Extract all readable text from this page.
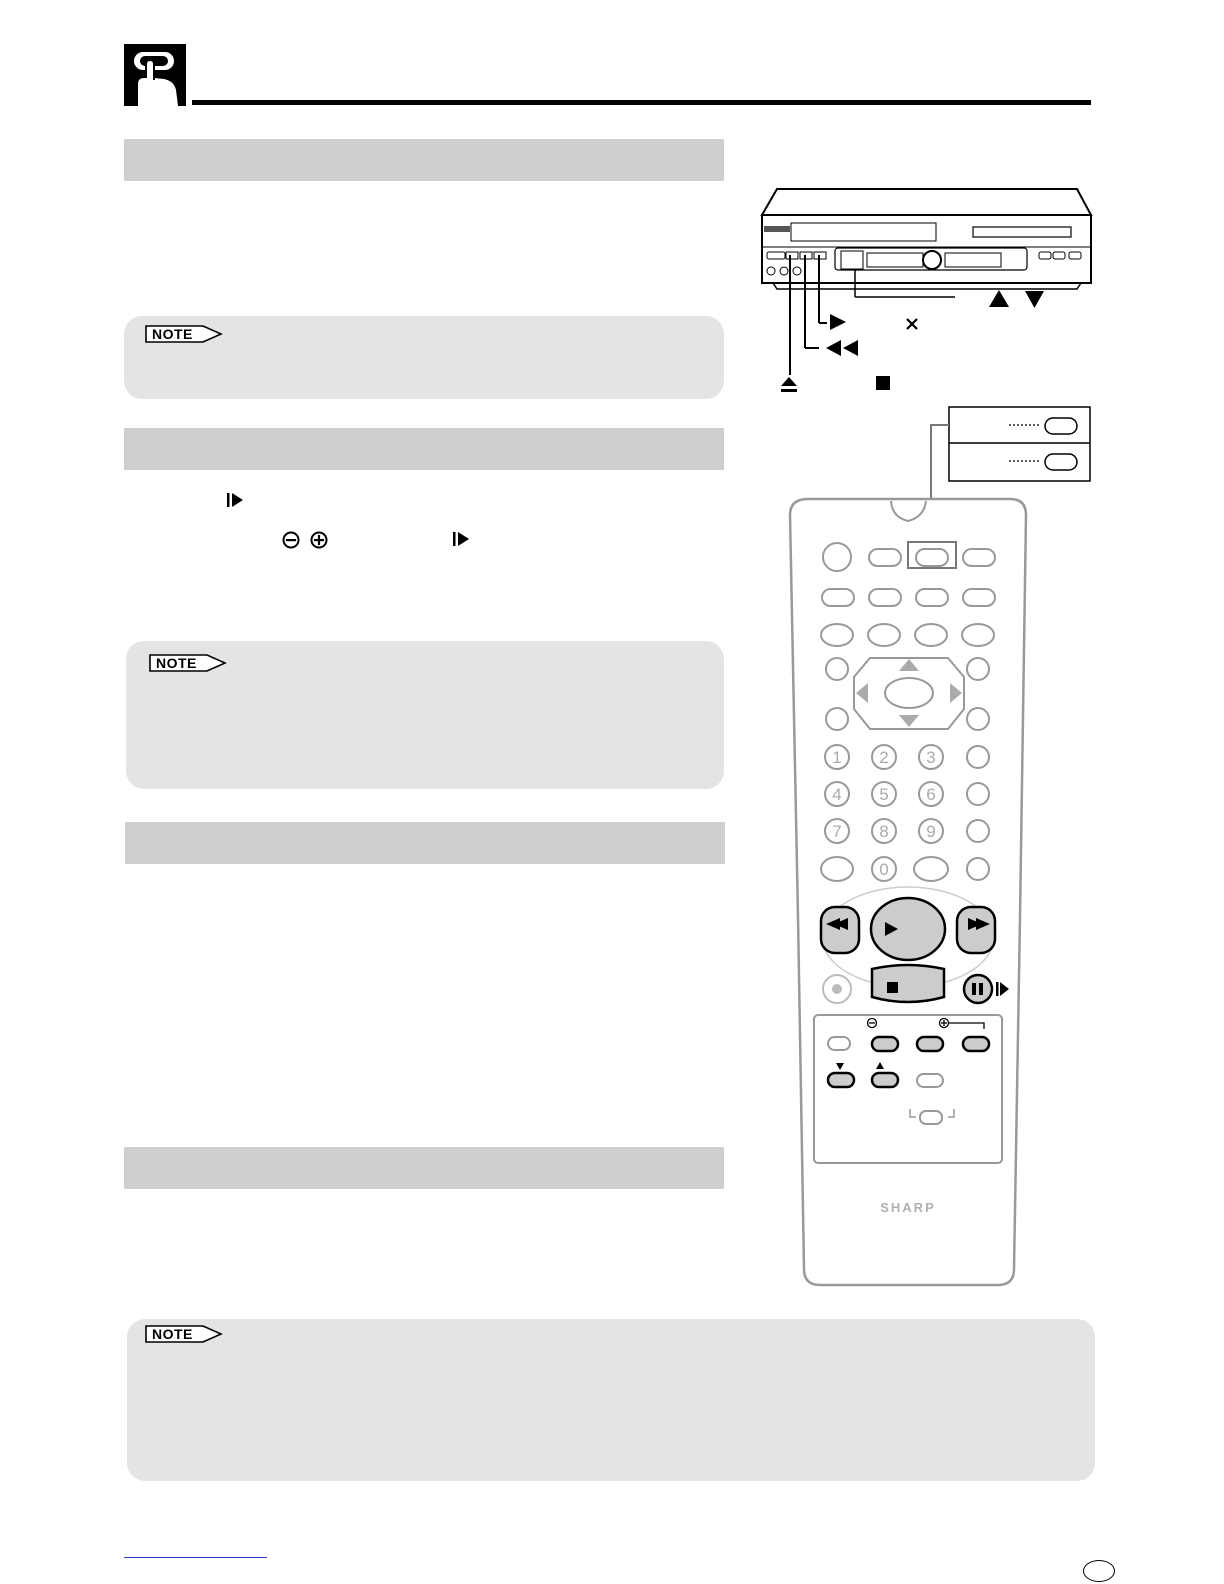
NOTE
NOTE
NOTE
1 2 3
4 5 6
7 8 9
0
SHARP
